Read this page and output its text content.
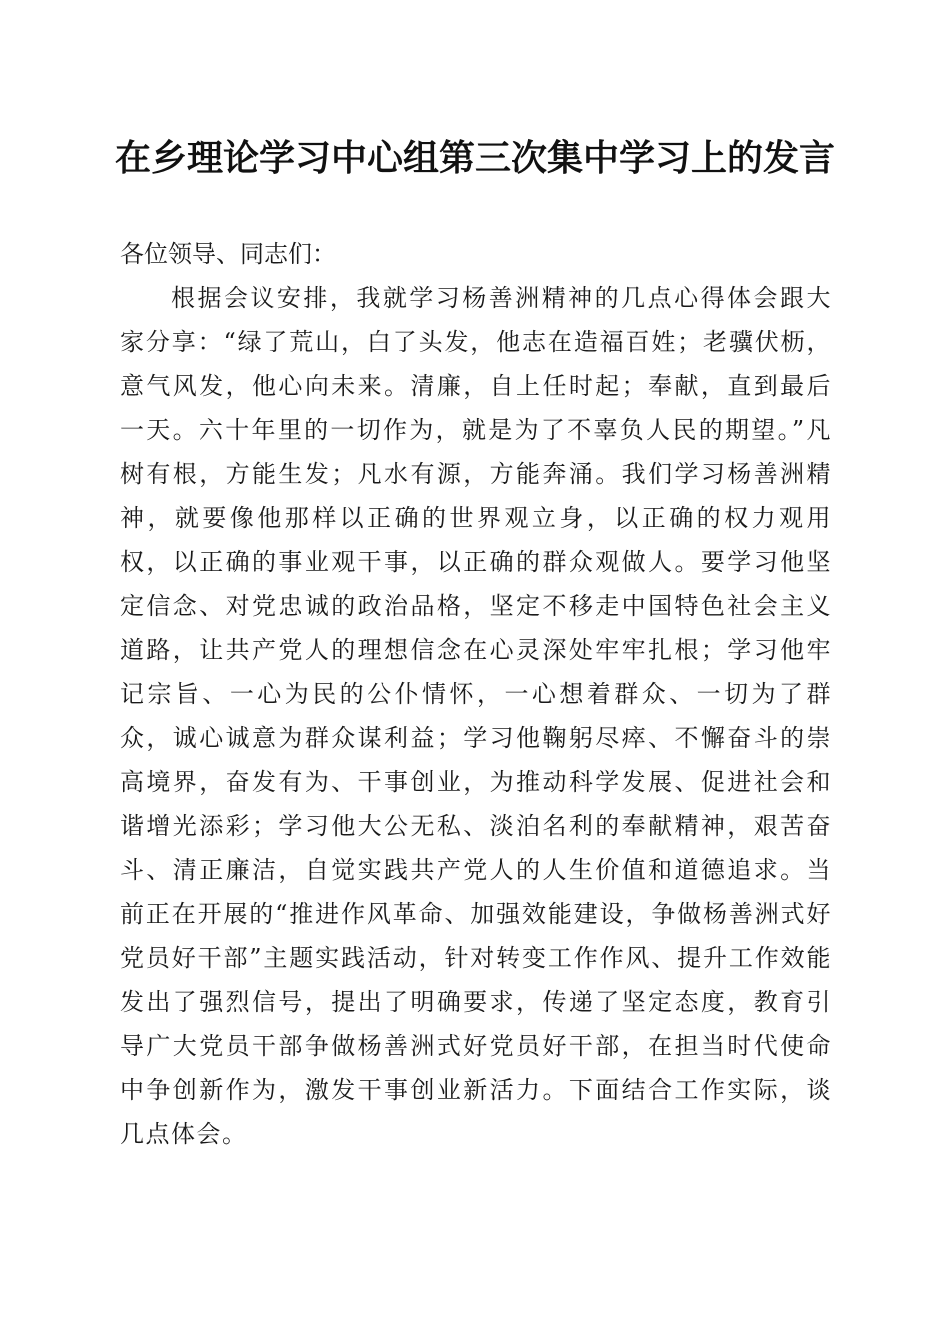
在乡理论学习中心组第三次集中学习上的发言

各位领导、同志们：

根据会议安排，我就学习杨善洲精神的几点心得体会跟大家分享：“绿了荒山，白了头发，他志在造福百姓；老骥伏枥，意气风发，他心向未来。清廉，自上任时起；奉献，直到最后一天。六十年里的一切作为，就是为了不辜负人民的期望。”凡树有根，方能生发；凡水有源，方能奔涌。我们学习杨善洲精神，就要像他那样以正确的世界观立身，以正确的权力观用权，以正确的事业观干事，以正确的群众观做人。要学习他坚定信念、对党忠诚的政治品格，坚定不移走中国特色社会主义道路，让共产党人的理想信念在心灵深处牢牢扎根；学习他牢记宗旨、一心为民的公仆情怀，一心想着群众、一切为了群众，诚心诚意为群众谋利益；学习他鞠躬尽瘁、不懈奋斗的崇高境界，奋发有为、干事创业，为推动科学发展、促进社会和谐增光添彩；学习他大公无私、淡泊名利的奉献精神，艰苦奋斗、清正廉洁，自觉实践共产党人的人生价值和道德追求。当前正在开展的“推进作风革命、加强效能建设，争做杨善洲式好党员好干部”主题实践活动，针对转变工作作风、提升工作效能发出了强烈信号，提出了明确要求，传递了坚定态度，教育引导广大党员干部争做杨善洲式好党员好干部，在担当时代使命中争创新作为，激发干事创业新活力。下面结合工作实际，谈几点体会。
